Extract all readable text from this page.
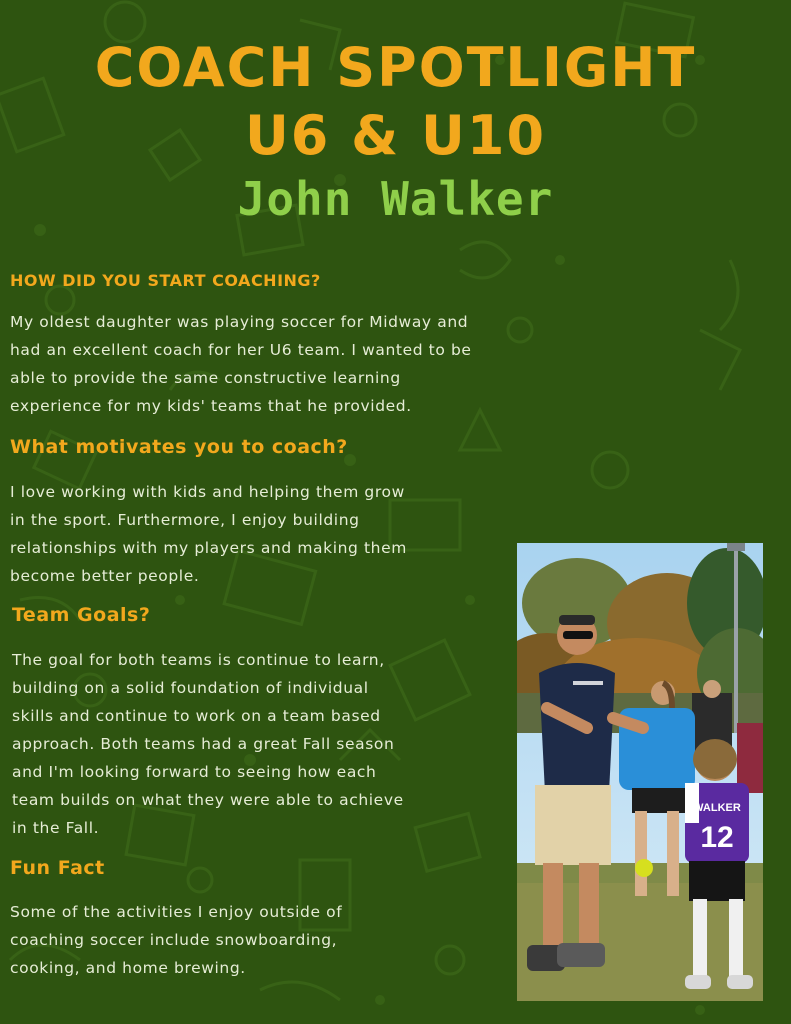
COACH SPOTLIGHT
U6 & U10
John Walker
HOW DID YOU START COACHING?
My oldest daughter was playing soccer for Midway and
had an excellent coach for her U6 team. I wanted to be
able to provide the same constructive learning
experience for my kids' teams that he provided.
What motivates you to coach?
I love working with kids and helping them grow
in the sport. Furthermore, I enjoy building
relationships with my players and making them
become better people.
Team Goals?
The goal for both teams is continue to learn,
building on a solid foundation of individual
skills and continue to work on a team based
approach. Both teams had a great Fall season
and I'm looking forward to seeing how each
team builds on what they were able to achieve
in the Fall.
Fun Fact
Some of the activities I enjoy outside of
coaching soccer include snowboarding,
cooking, and home brewing.
WALKER
12
